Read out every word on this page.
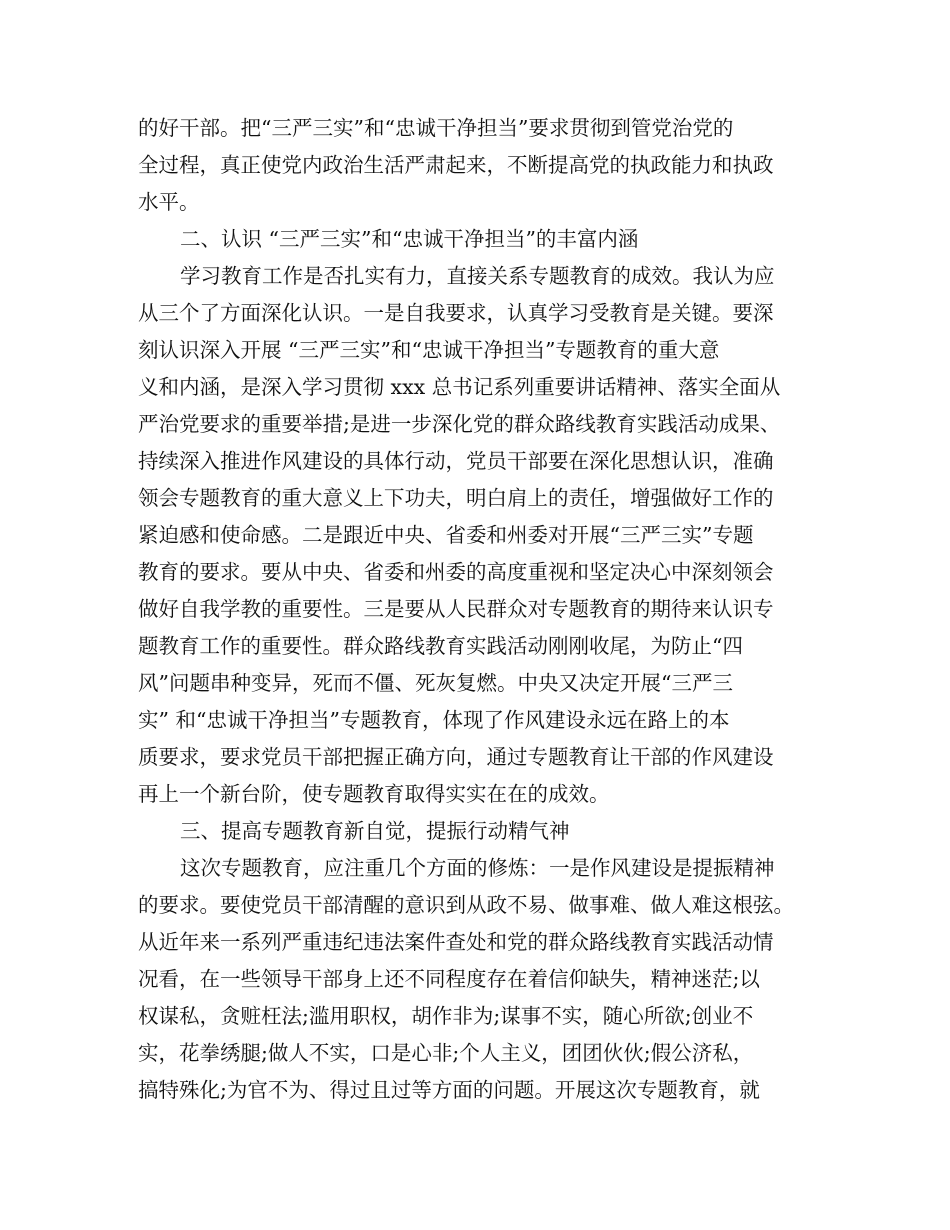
的好干部。把“三严三实”和“忠诚干净担当”要求贯彻到管党治党的
全过程，真正使党内政治生活严肃起来，不断提高党的执政能力和执政
水平。
二、认识 “三严三实”和“忠诚干净担当”的丰富内涵
学习教育工作是否扎实有力，直接关系专题教育的成效。我认为应
从三个了方面深化认识。一是自我要求，认真学习受教育是关键。要深
刻认识深入开展 “三严三实”和“忠诚干净担当”专题教育的重大意
义和内涵，是深入学习贯彻 xxx 总书记系列重要讲话精神、落实全面从
严治党要求的重要举措;是进一步深化党的群众路线教育实践活动成果、
持续深入推进作风建设的具体行动，党员干部要在深化思想认识，准确
领会专题教育的重大意义上下功夫，明白肩上的责任，增强做好工作的
紧迫感和使命感。二是跟近中央、省委和州委对开展“三严三实”专题
教育的要求。要从中央、省委和州委的高度重视和坚定决心中深刻领会
做好自我学教的重要性。三是要从人民群众对专题教育的期待来认识专
题教育工作的重要性。群众路线教育实践活动刚刚收尾，为防止“四
风”问题串种变异，死而不僵、死灰复燃。中央又决定开展“三严三
实” 和“忠诚干净担当”专题教育，体现了作风建设永远在路上的本
质要求，要求党员干部把握正确方向，通过专题教育让干部的作风建设
再上一个新台阶，使专题教育取得实实在在的成效。
三、提高专题教育新自觉，提振行动精气神
这次专题教育，应注重几个方面的修炼：一是作风建设是提振精神
的要求。要使党员干部清醒的意识到从政不易、做事难、做人难这根弦。
从近年来一系列严重违纪违法案件查处和党的群众路线教育实践活动情
况看，在一些领导干部身上还不同程度存在着信仰缺失，精神迷茫;以
权谋私，贪赃枉法;滥用职权，胡作非为;谋事不实，随心所欲;创业不
实，花拳绣腿;做人不实，口是心非;个人主义，团团伙伙;假公济私，
搞特殊化;为官不为、得过且过等方面的问题。开展这次专题教育，就
